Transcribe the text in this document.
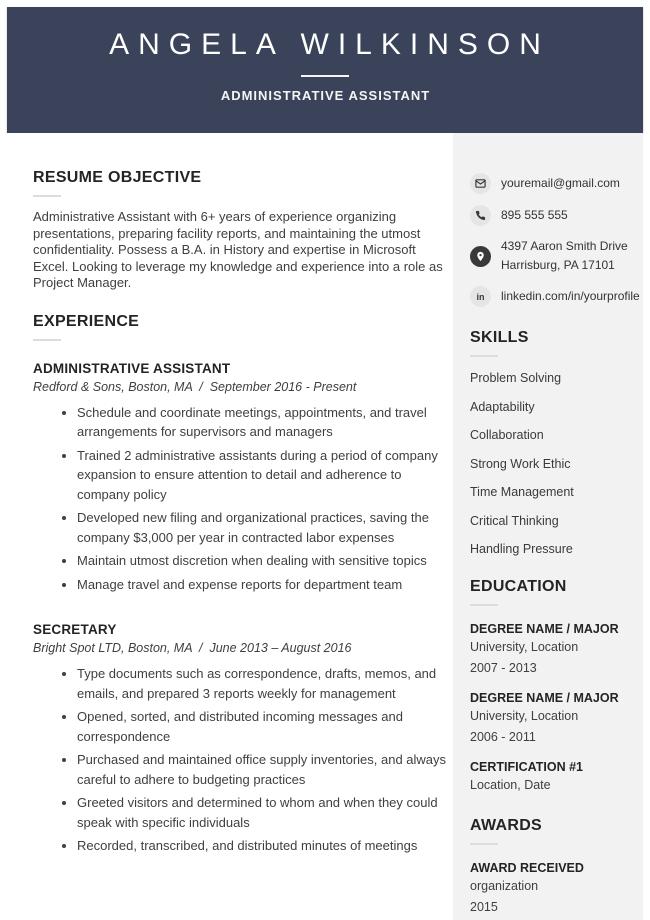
ANGELA WILKINSON
ADMINISTRATIVE ASSISTANT
RESUME OBJECTIVE
Administrative Assistant with 6+ years of experience organizing presentations, preparing facility reports, and maintaining the utmost confidentiality. Possess a B.A. in History and expertise in Microsoft Excel. Looking to leverage my knowledge and experience into a role as Project Manager.
EXPERIENCE
ADMINISTRATIVE ASSISTANT
Redford & Sons, Boston, MA  /  September 2016 - Present
• Schedule and coordinate meetings, appointments, and travel arrangements for supervisors and managers
• Trained 2 administrative assistants during a period of company expansion to ensure attention to detail and adherence to company policy
• Developed new filing and organizational practices, saving the company $3,000 per year in contracted labor expenses
• Maintain utmost discretion when dealing with sensitive topics
• Manage travel and expense reports for department team
SECRETARY
Bright Spot LTD, Boston, MA  /  June 2013 – August 2016
• Type documents such as correspondence, drafts, memos, and emails, and prepared 3 reports weekly for management
• Opened, sorted, and distributed incoming messages and correspondence
• Purchased and maintained office supply inventories, and always careful to adhere to budgeting practices
• Greeted visitors and determined to whom and when they could speak with specific individuals
• Recorded, transcribed, and distributed minutes of meetings
youremail@gmail.com
895 555 555
4397 Aaron Smith Drive
Harrisburg, PA 17101
in linkedin.com/in/yourprofile
SKILLS
Problem Solving
Adaptability
Collaboration
Strong Work Ethic
Time Management
Critical Thinking
Handling Pressure
EDUCATION
DEGREE NAME / MAJOR
University, Location
2007 - 2013
DEGREE NAME / MAJOR
University, Location
2006 - 2011
CERTIFICATION #1
Location, Date
AWARDS
AWARD RECEIVED
organization
2015
